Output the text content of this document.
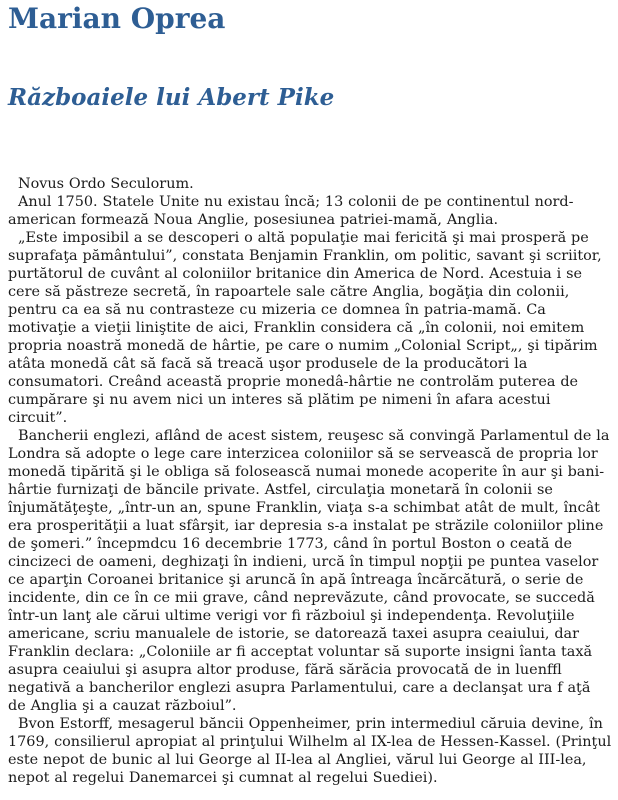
Marian Oprea
Războaiele lui Abert Pike

Novus Ordo Seculorum.

Anul 1750. Statele Unite nu existau încă; 13 colonii de pe continentul nord-american formează Noua Anglie, posesiunea patriei-mamă, Anglia.

„Este imposibil a se descoperi o altă populaţie mai fericită şi mai prosperă pe suprafaţa pământului”, constata Benjamin Franklin, om politic, savant şi scriitor, purtătorul de cuvânt al coloniilor britanice din America de Nord. Acestuia i se cere să păstreze secretă, în rapoartele sale către Anglia, bogăţia din colonii, pentru ca ea să nu contrasteze cu mizeria ce domnea în patria-mamă. Ca motivaţie a vieţii liniştite de aici, Franklin considera că „în colonii, noi emitem propria noastră monedă de hârtie, pe care o numim „Colonial Script„, şi tipărim atâta monedă cât să facă să treacă uşor produsele de la producători la consumatori. Creând această proprie monedâ-hârtie ne controlăm puterea de cumpărare şi nu avem nici un interes să plătim pe nimeni în afara acestui circuit”.

Bancherii englezi, aflând de acest sistem, reuşesc să convingă Parlamentul de la Londra să adopte o lege care interzicea coloniilor să se servească de propria lor monedă tipărită şi le obliga să folosească numai monede acoperite în aur şi bani-hârtie furnizaţi de băncile private. Astfel, circulaţia monetară în colonii se înjumătăţeşte, „într-un an, spune Franklin, viaţa s-a schimbat atât de mult, încât era prosperităţii a luat sfârşit, iar depresia s-a instalat pe străzile coloniilor pline de şomeri.” începmdcu 16 decembrie 1773, când în portul Boston o ceată de cincizeci de oameni, deghizaţi în indieni, urcă în timpul nopţii pe puntea vaselor ce aparţin Coroanei britanice şi aruncă în apă întreaga încărcătură, o serie de incidente, din ce în ce mii grave, când neprevăzute, când provocate, se succedă într-un lanţ ale cărui ultime verigi vor fi războiul şi independenţa. Revoluţiile americane, scriu manualele de istorie, se datorează taxei asupra ceaiului, dar Franklin declara: „Coloniile ar fi acceptat voluntar să suporte insigni îanta taxă asupra ceaiului şi asupra altor produse, fără sărăcia provocată de in luenffl negativă a bancherilor englezi asupra Parlamentului, care a declanşat ura f aţă de Anglia şi a cauzat războiul”.

Bvon Estorff, mesagerul băncii Oppenheimer, prin intermediul căruia devine, în 1769, consilierul apropiat al prinţului Wilhelm al IX-lea de Hessen-Kassel. (Prinţul este nepot de bunic al lui George al II-lea al Angliei, vărul lui George al III-lea, nepot al regelui Danemarcei şi cumnat al regelui Suediei).
